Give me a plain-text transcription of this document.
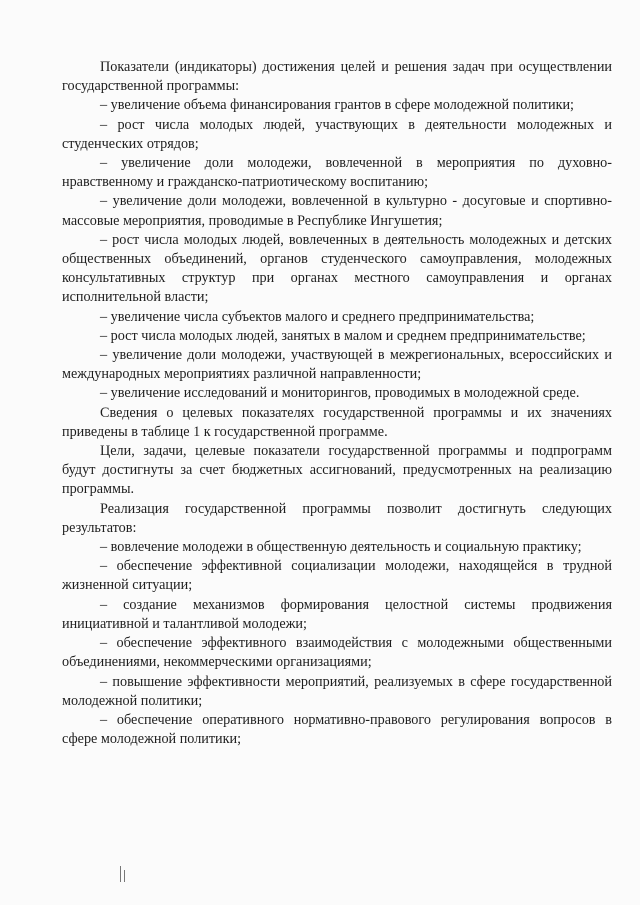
Показатели (индикаторы) достижения целей и решения задач при осуществлении государственной программы:

– увеличение объема финансирования грантов в сфере молодежной политики;

– рост числа молодых людей, участвующих в деятельности молодежных и студенческих отрядов;

– увеличение доли молодежи, вовлеченной в мероприятия по духовно-нравственному и гражданско-патриотическому воспитанию;

– увеличение доли молодежи, вовлеченной в культурно - досуговые и спортивно-массовые мероприятия, проводимые в Республике Ингушетия;

– рост числа молодых людей, вовлеченных в деятельность молодежных и детских общественных объединений, органов студенческого самоуправления, молодежных консультативных структур при органах местного самоуправления и органах исполнительной власти;

– увеличение числа субъектов малого и среднего предпринимательства;

– рост числа молодых людей, занятых в малом и среднем предпринимательстве;

– увеличение доли молодежи, участвующей в межрегиональных, всероссийских и международных мероприятиях различной направленности;

– увеличение исследований и мониторингов, проводимых в молодежной среде.

Сведения о целевых показателях государственной программы и их значениях приведены в таблице 1 к государственной программе.

Цели, задачи, целевые показатели государственной программы и подпрограмм будут достигнуты за счет бюджетных ассигнований, предусмотренных на реализацию программы.

Реализация государственной программы позволит достигнуть следующих результатов:

– вовлечение молодежи в общественную деятельность и социальную практику;

– обеспечение эффективной социализации молодежи, находящейся в трудной жизненной ситуации;

– создание механизмов формирования целостной системы продвижения инициативной и талантливой молодежи;

– обеспечение эффективного взаимодействия с молодежными общественными объединениями, некоммерческими организациями;

– повышение эффективности мероприятий, реализуемых в сфере государственной молодежной политики;

– обеспечение оперативного нормативно-правового регулирования вопросов в сфере молодежной политики;
